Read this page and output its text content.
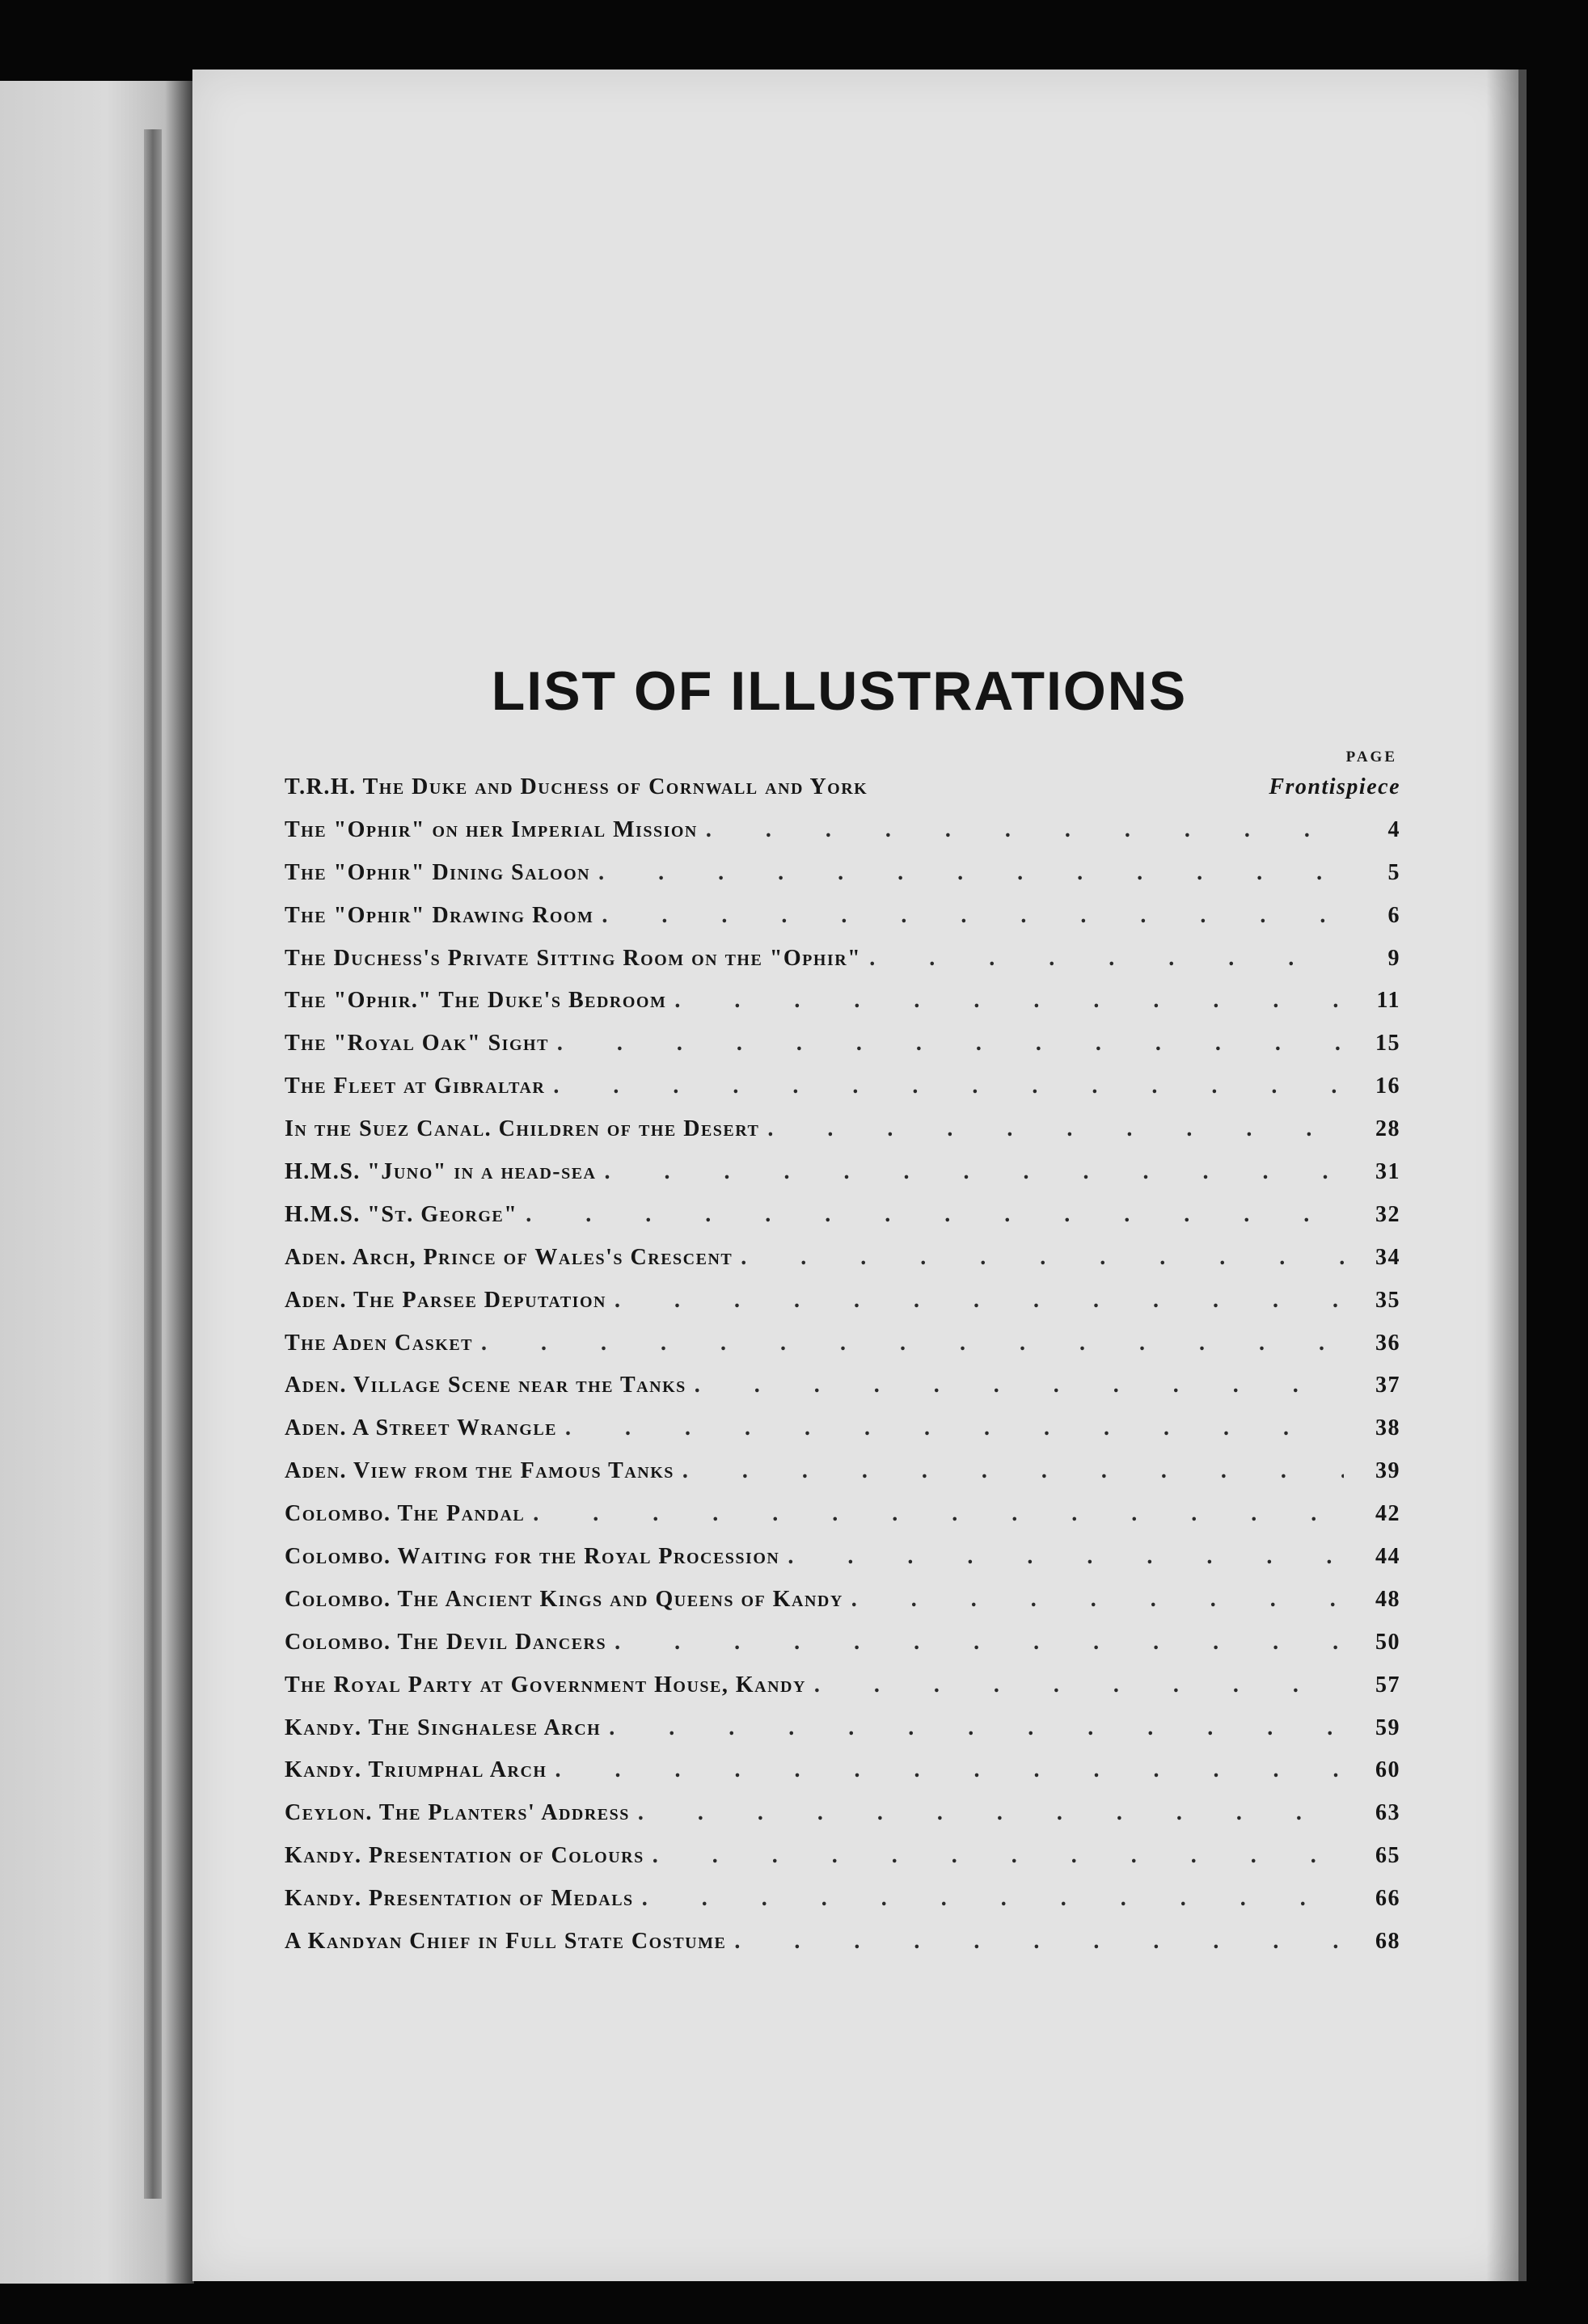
LIST OF ILLUSTRATIONS
PAGE
T.R.H. The Duke and Duchess of Cornwall and York	Frontispiece
The "Ophir" on her Imperial Mission . . .	4
The "Ophir" Dining Saloon . . .	5
The "Ophir" Drawing Room . . .	6
The Duchess's Private Sitting Room on the "Ophir" . . .	9
The "Ophir." The Duke's Bedroom . . .	11
The "Royal Oak" Sight . . .	15
The Fleet at Gibraltar . . .	16
In the Suez Canal. Children of the Desert . . .	28
H.M.S. "Juno" in a head-sea . . .	31
H.M.S. "St. George" . . .	32
Aden. Arch, Prince of Wales's Crescent . . .	34
Aden. The Parsee Deputation . . .	35
The Aden Casket . . .	36
Aden. Village Scene near the Tanks . . .	37
Aden. A Street Wrangle . . .	38
Aden. View from the Famous Tanks . . .	39
Colombo. The Pandal . . .	42
Colombo. Waiting for the Royal Procession . . .	44
Colombo. The Ancient Kings and Queens of Kandy . . .	48
Colombo. The Devil Dancers . . .	50
The Royal Party at Government House, Kandy . . .	57
Kandy. The Singhalese Arch . . .	59
Kandy. Triumphal Arch . . .	60
Ceylon. The Planters' Address . . .	63
Kandy. Presentation of Colours . . .	65
Kandy. Presentation of Medals . . .	66
A Kandyan Chief in Full State Costume . . .	68
